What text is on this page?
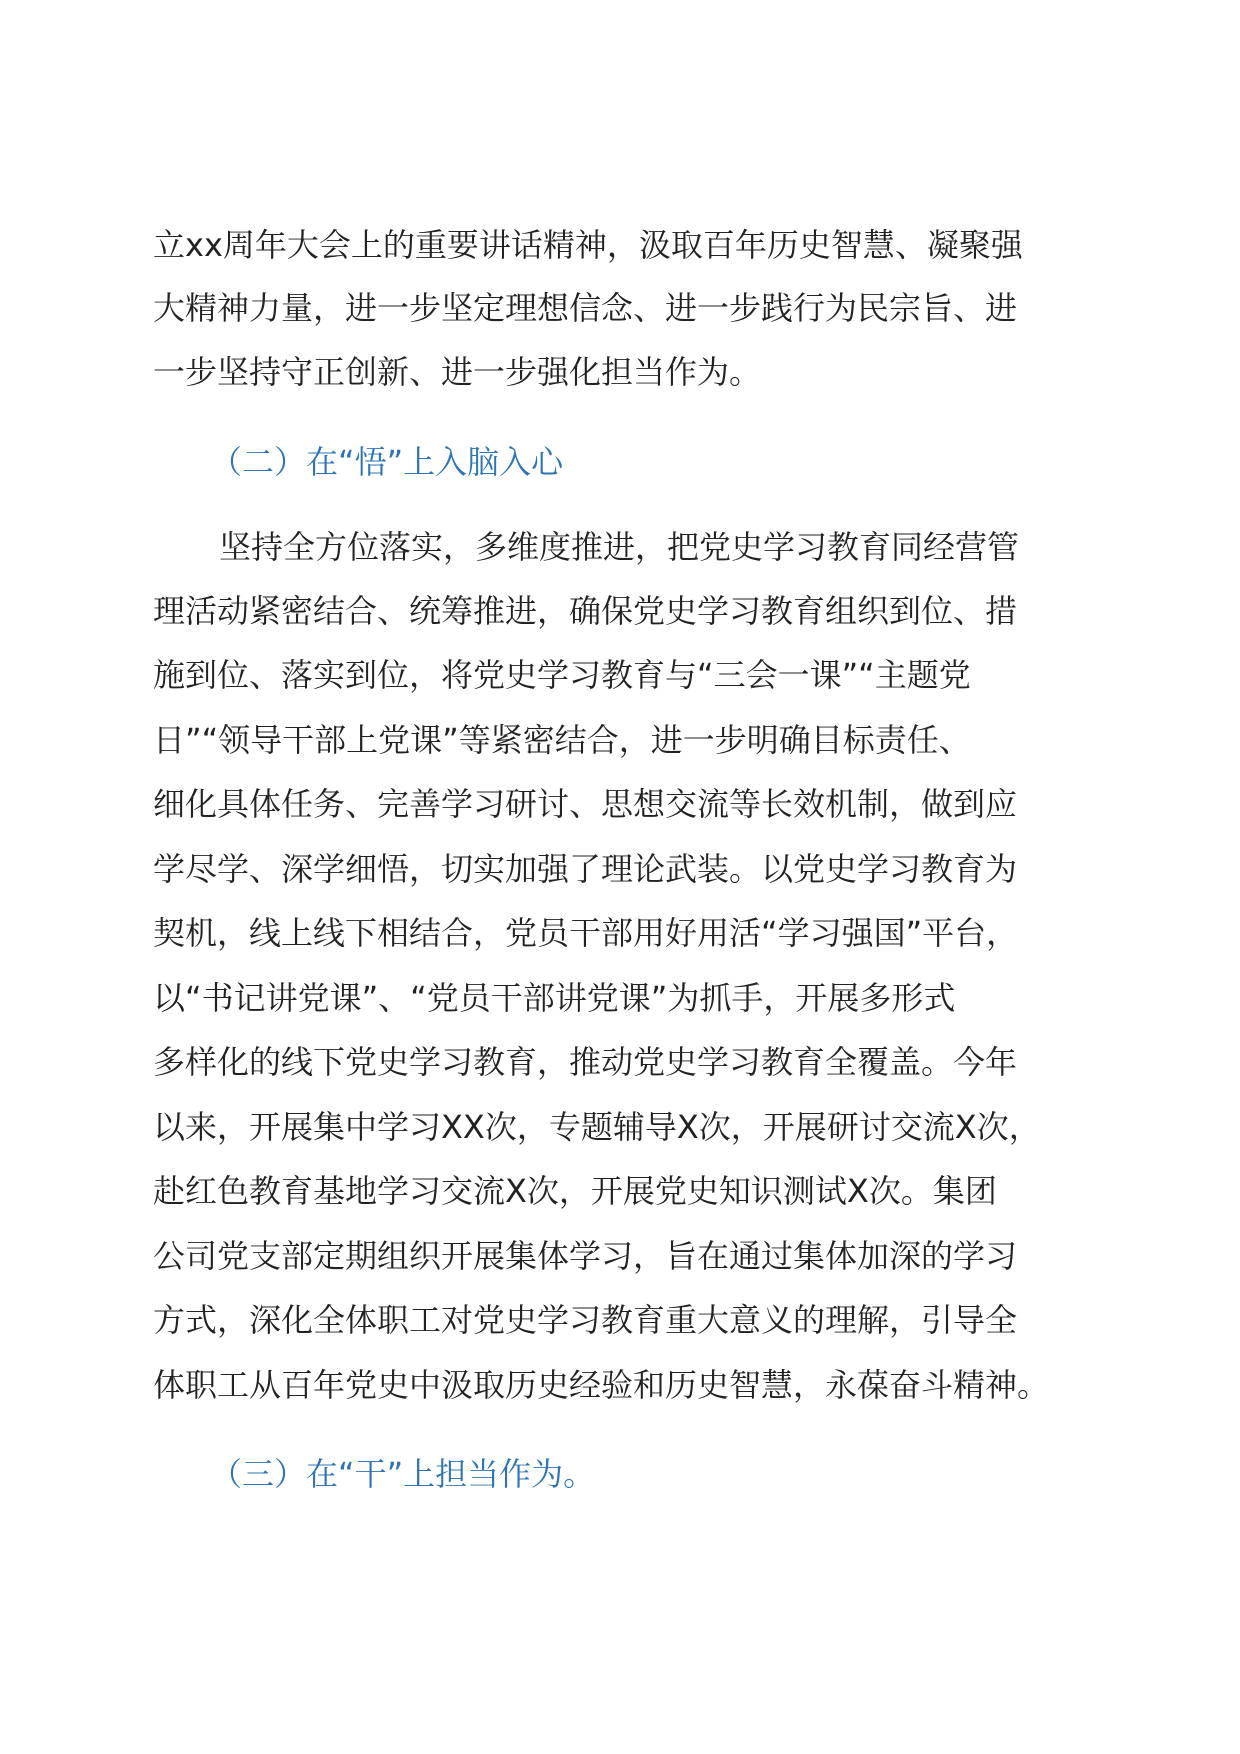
立xx周年大会上的重要讲话精神，汲取百年历史智慧、凝聚强
大精神力量，进一步坚定理想信念、进一步践行为民宗旨、进
一步坚持守正创新、进一步强化担当作为。
（二）在“悟”上入脑入心
坚持全方位落实，多维度推进，把党史学习教育同经营管
理活动紧密结合、统筹推进，确保党史学习教育组织到位、措
施到位、落实到位，将党史学习教育与“三会一课”“主题党
日”“领导干部上党课”等紧密结合，进一步明确目标责任、
细化具体任务、完善学习研讨、思想交流等长效机制，做到应
学尽学、深学细悟，切实加强了理论武装。以党史学习教育为
契机，线上线下相结合，党员干部用好用活“学习强国”平台，
以“书记讲党课”、“党员干部讲党课”为抓手，开展多形式
多样化的线下党史学习教育，推动党史学习教育全覆盖。今年
以来，开展集中学习XX次，专题辅导X次，开展研讨交流X次，
赴红色教育基地学习交流X次，开展党史知识测试X次。集团
公司党支部定期组织开展集体学习，旨在通过集体加深的学习
方式，深化全体职工对党史学习教育重大意义的理解，引导全
体职工从百年党史中汲取历史经验和历史智慧，永葆奋斗精神。
（三）在“干”上担当作为。
